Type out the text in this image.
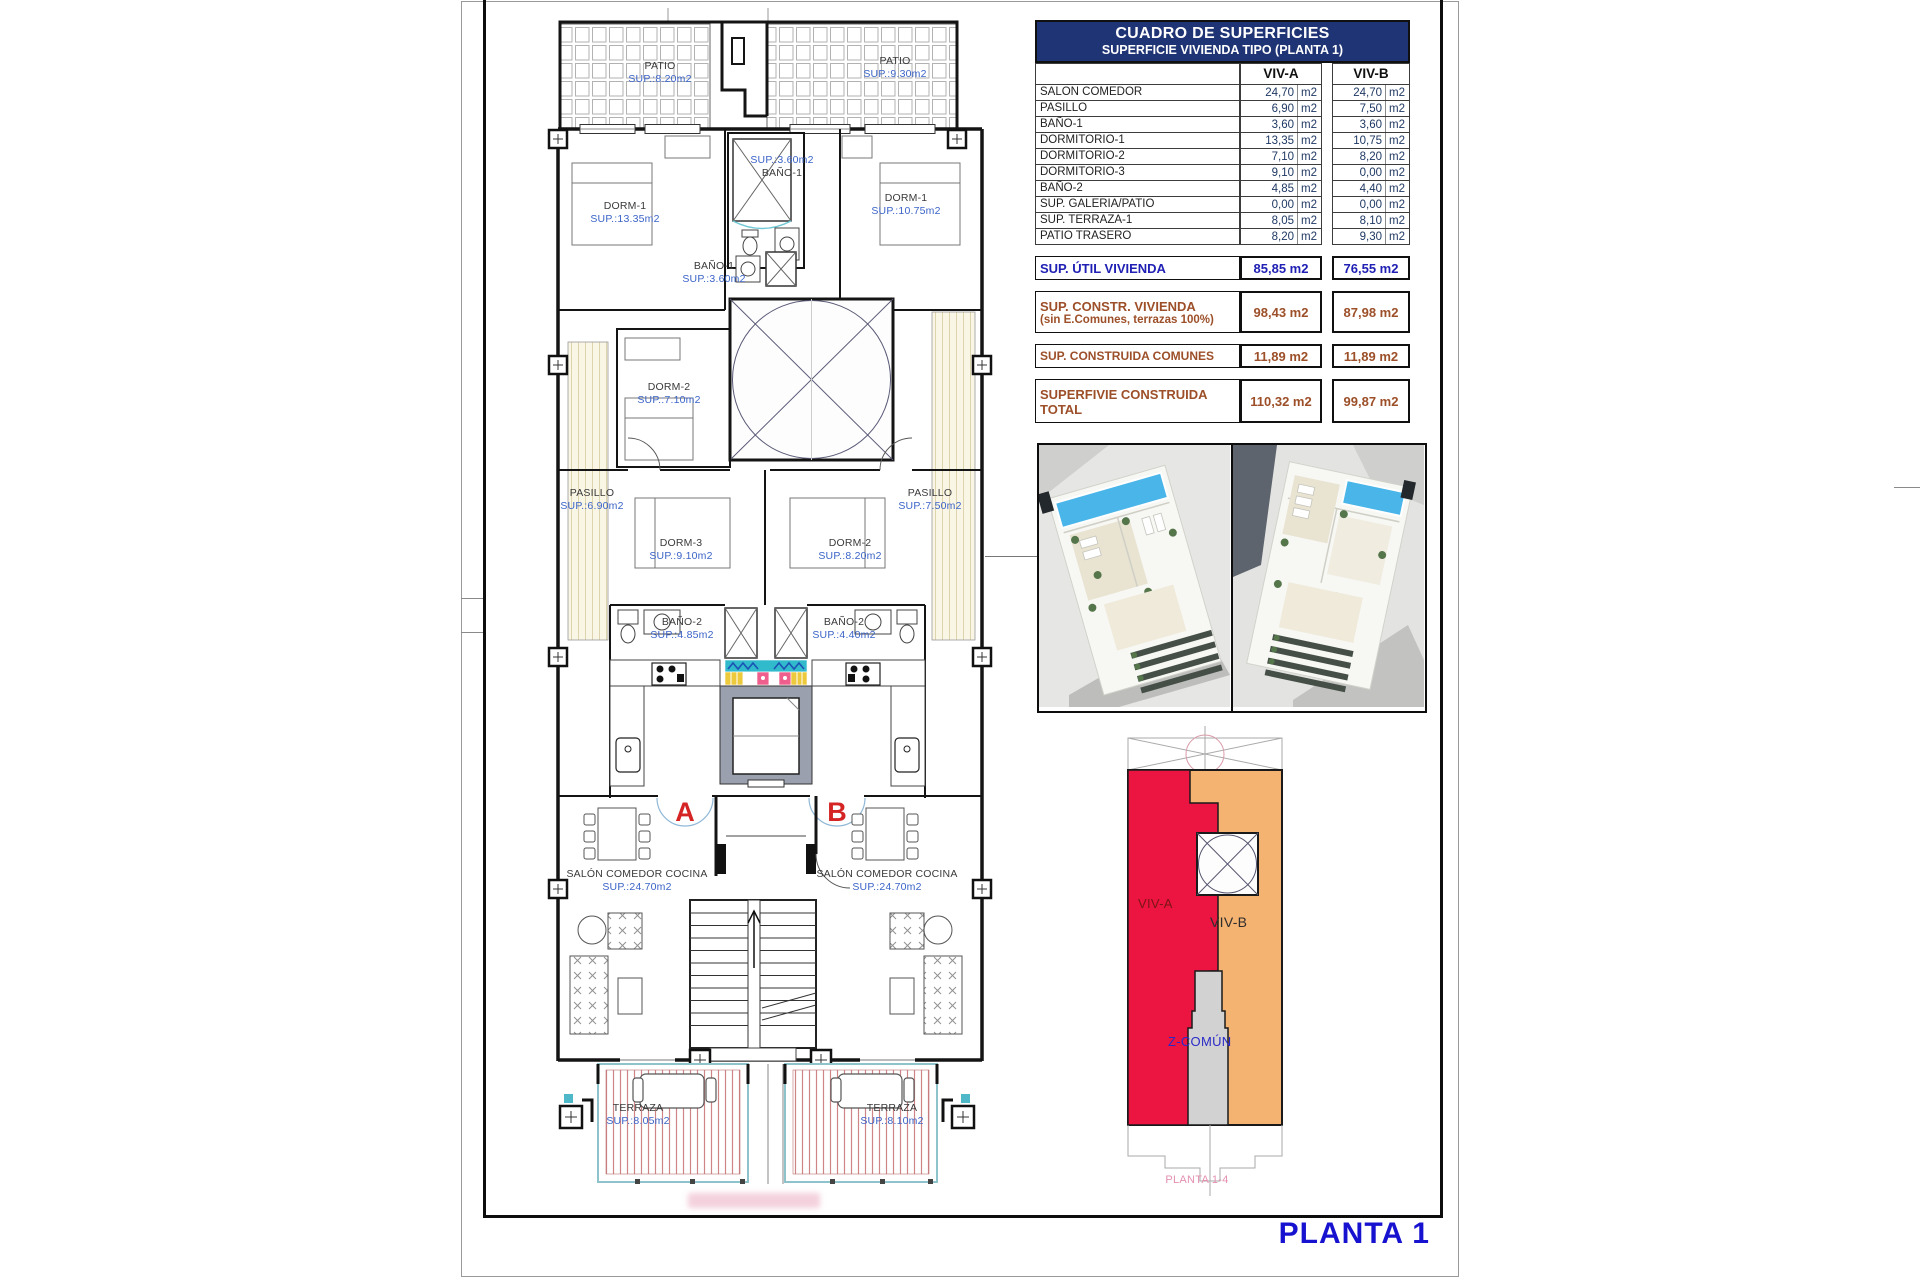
PATIO
SUP.:8.20m2
PATIO
SUP.:9.30m2
SUP.:3.60m2
BAÑO-1
DORM-1
SUP.:13.35m2
DORM-1
SUP.:10.75m2
BAÑO-1
SUP.:3.60m2
DORM-2
SUP.:7.10m2
PASILLO
SUP.:6.90m2
PASILLO
SUP.:7.50m2
DORM-3
SUP.:9.10m2
DORM-2
SUP.:8.20m2
BAÑO-2
SUP.:4.85m2
BAÑO-2
SUP.:4.40m2
SALÓN COMEDOR COCINA
SUP.:24.70m2
SALÓN COMEDOR COCINA
SUP.:24.70m2
TERRAZA
SUP.:8.05m2
TERRAZA
SUP.:8.10m2
A	B
CUADRO DE SUPERFICIES
SUPERFICIE VIVIENDA TIPO (PLANTA 1)
VIV-A	VIV-B
SALON COMEDOR	24,70 m2	24,70 m2
PASILLO	6,90 m2	7,50 m2
BAÑO-1	3,60 m2	3,60 m2
DORMITORIO-1	13,35 m2	10,75 m2
DORMITORIO-2	7,10 m2	8,20 m2
DORMITORIO-3	9,10 m2	0,00 m2
BAÑO-2	4,85 m2	4,40 m2
SUP. GALERIA/PATIO	0,00 m2	0,00 m2
SUP. TERRAZA-1	8,05 m2	8,10 m2
PATIO TRASERO	8,20 m2	9,30 m2
SUP. ÚTIL VIVIENDA	85,85 m2	76,55 m2
SUP. CONSTR. VIVIENDA
(sin E.Comunes, terrazas 100%)	98,43 m2	87,98 m2
SUP. CONSTRUIDA COMUNES	11,89 m2	11,89 m2
SUPERFIVIE CONSTRUIDA
TOTAL
110,32 m2	99,87 m2
VIV-A
VIV-B
Z-COMÚN
PLANTA 1-4
PLANTA 1
